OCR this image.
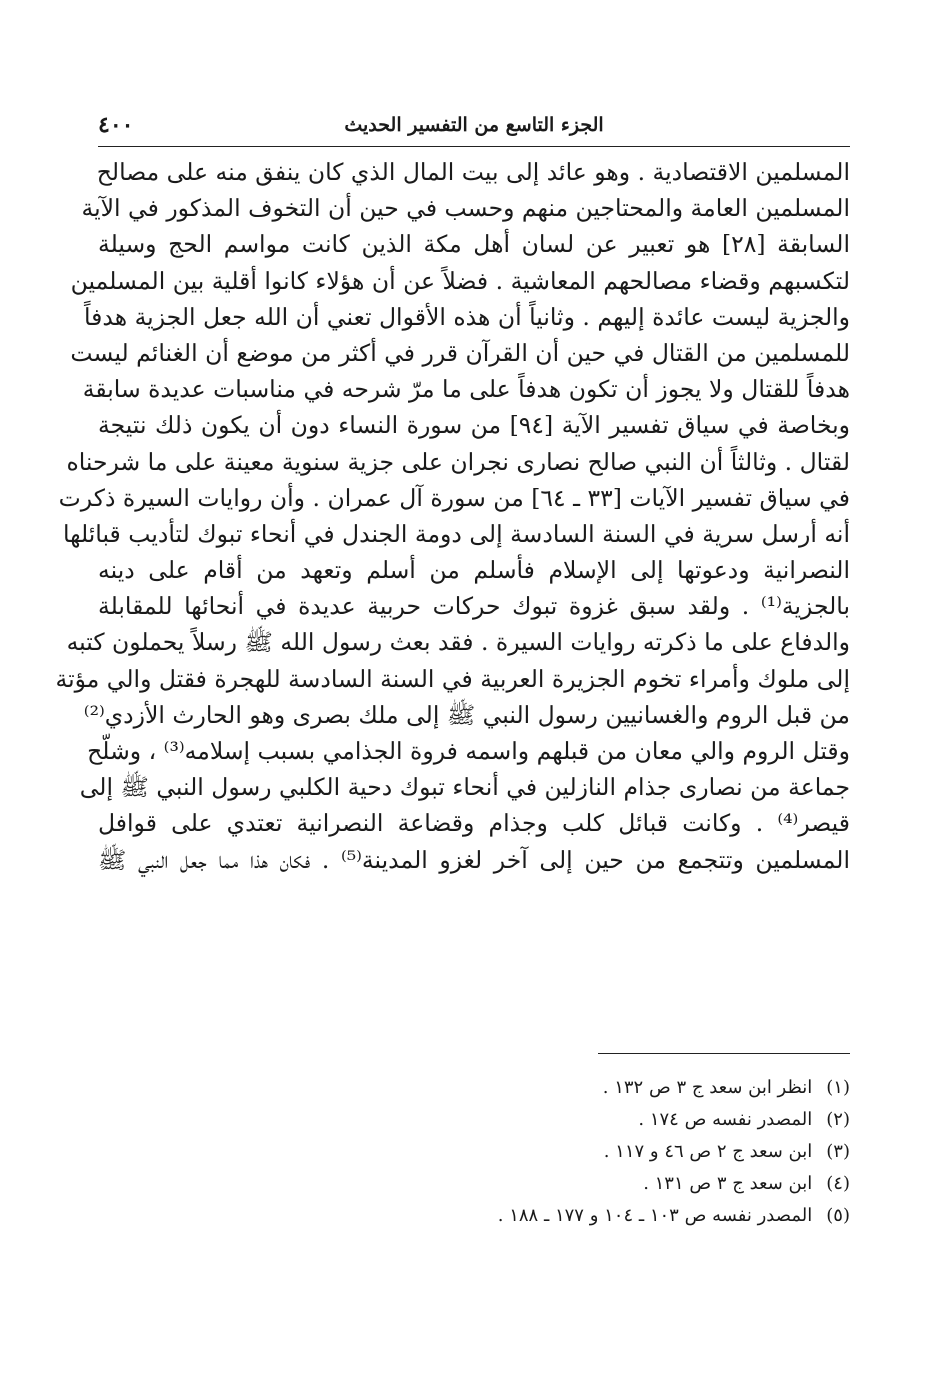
الجزء التاسع من التفسير الحديث
٤٠٠
المسلمين الاقتصادية . وهو عائد إلى بيت المال الذي كان ينفق منه على مصالح
المسلمين العامة والمحتاجين منهم وحسب في حين أن التخوف المذكور في الآية
السابقة [٢٨] هو تعبير عن لسان أهل مكة الذين كانت مواسم الحج وسيلة
لتكسبهم وقضاء مصالحهم المعاشية . فضلاً عن أن هؤلاء كانوا أقلية بين المسلمين
والجزية ليست عائدة إليهم . وثانياً أن هذه الأقوال تعني أن الله جعل الجزية هدفاً
للمسلمين من القتال في حين أن القرآن قرر في أكثر من موضع أن الغنائم ليست
هدفاً للقتال ولا يجوز أن تكون هدفاً على ما مرّ شرحه في مناسبات عديدة سابقة
وبخاصة في سياق تفسير الآية [٩٤] من سورة النساء دون أن يكون ذلك نتيجة
لقتال . وثالثاً أن النبي صالح نصارى نجران على جزية سنوية معينة على ما شرحناه
في سياق تفسير الآيات [٣٣ ـ ٦٤] من سورة آل عمران . وأن روايات السيرة ذكرت
أنه أرسل سرية في السنة السادسة إلى دومة الجندل في أنحاء تبوك لتأديب قبائلها
النصرانية ودعوتها إلى الإسلام فأسلم من أسلم وتعهد من أقام على دينه
بالجزية⁽¹⁾ . ولقد سبق غزوة تبوك حركات حربية عديدة في أنحائها للمقابلة
والدفاع على ما ذكرته روايات السيرة . فقد بعث رسول الله ﷺ رسلاً يحملون كتبه
إلى ملوك وأمراء تخوم الجزيرة العربية في السنة السادسة للهجرة فقتل والي مؤتة
من قبل الروم والغسانيين رسول النبي ﷺ إلى ملك بصرى وهو الحارث الأزدي⁽²⁾
وقتل الروم والي معان من قبلهم واسمه فروة الجذامي بسبب إسلامه⁽³⁾ ، وشلّح
جماعة من نصارى جذام النازلين في أنحاء تبوك دحية الكلبي رسول النبي ﷺ إلى
قيصر⁽⁴⁾ . وكانت قبائل كلب وجذام وقضاعة النصرانية تعتدي على قوافل
المسلمين وتتجمع من حين إلى آخر لغزو المدينة⁽⁵⁾ . فكان هذا مما جعل النبي ﷺ
(١)
انظر ابن سعد ج ٣ ص ١٣٢ .
(٢)
المصدر نفسه ص ١٧٤ .
(٣)
ابن سعد ج ٢ ص ٤٦ و ١١٧ .
(٤)
ابن سعد ج ٣ ص ١٣١ .
(٥)
المصدر نفسه ص ١٠٣ ـ ١٠٤ و ١٧٧ ـ ١٨٨ .
